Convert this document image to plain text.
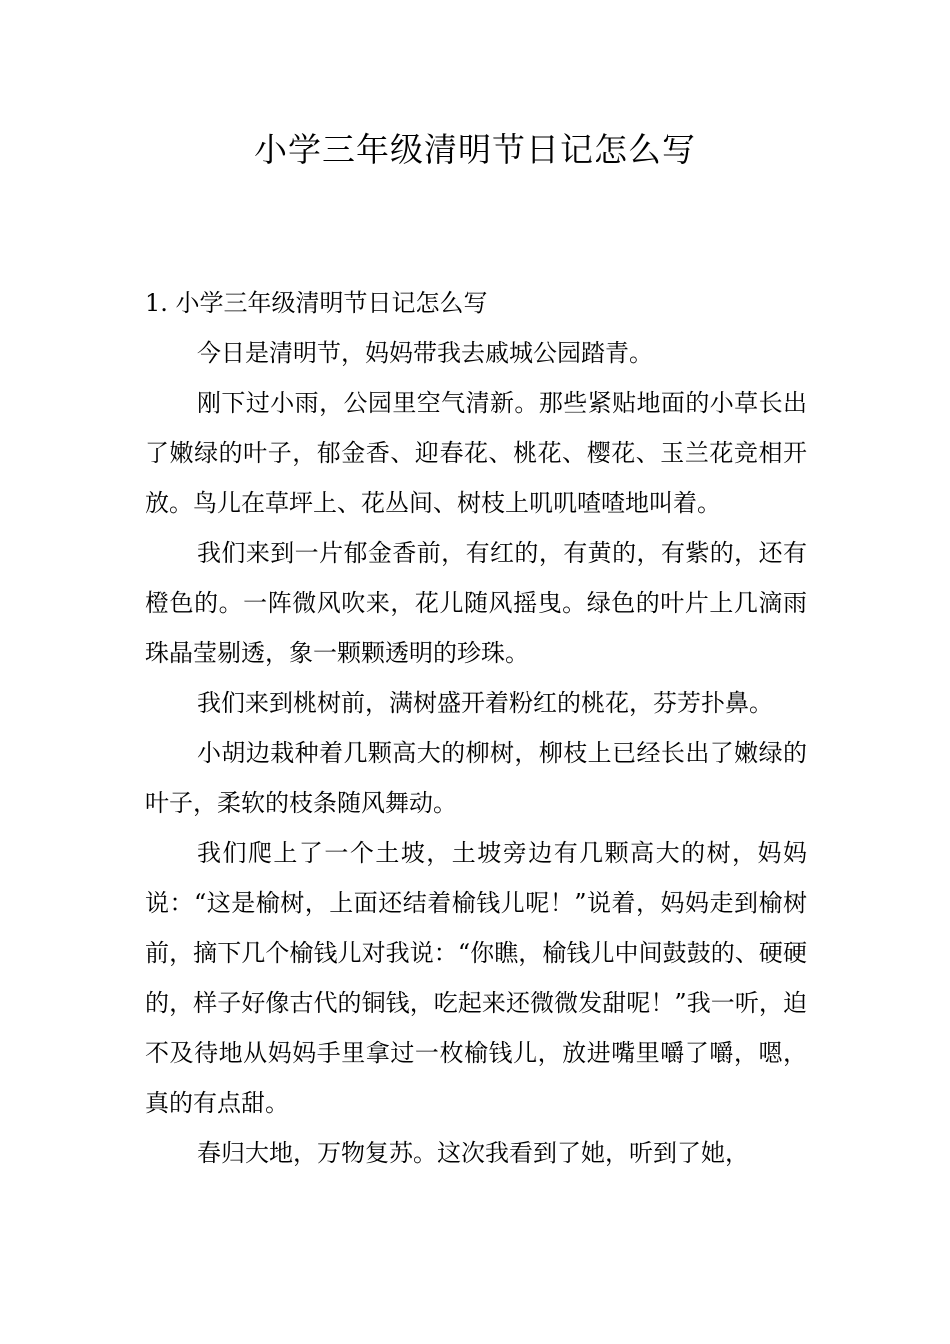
小学三年级清明节日记怎么写

1. 小学三年级清明节日记怎么写

今日是清明节，妈妈带我去戚城公园踏青。

刚下过小雨，公园里空气清新。那些紧贴地面的小草长出了嫩绿的叶子，郁金香、迎春花、桃花、樱花、玉兰花竞相开放。鸟儿在草坪上、花丛间、树枝上叽叽喳喳地叫着。

我们来到一片郁金香前，有红的，有黄的，有紫的，还有橙色的。一阵微风吹来，花儿随风摇曳。绿色的叶片上几滴雨珠晶莹剔透，象一颗颗透明的珍珠。

我们来到桃树前，满树盛开着粉红的桃花，芬芳扑鼻。

小胡边栽种着几颗高大的柳树，柳枝上已经长出了嫩绿的叶子，柔软的枝条随风舞动。

我们爬上了一个土坡，土坡旁边有几颗高大的树，妈妈说：“这是榆树，上面还结着榆钱儿呢！”说着，妈妈走到榆树前，摘下几个榆钱儿对我说：“你瞧，榆钱儿中间鼓鼓的、硬硬的，样子好像古代的铜钱，吃起来还微微发甜呢！”我一听，迫不及待地从妈妈手里拿过一枚榆钱儿，放进嘴里嚼了嚼，嗯，真的有点甜。

春归大地，万物复苏。这次我看到了她，听到了她，
